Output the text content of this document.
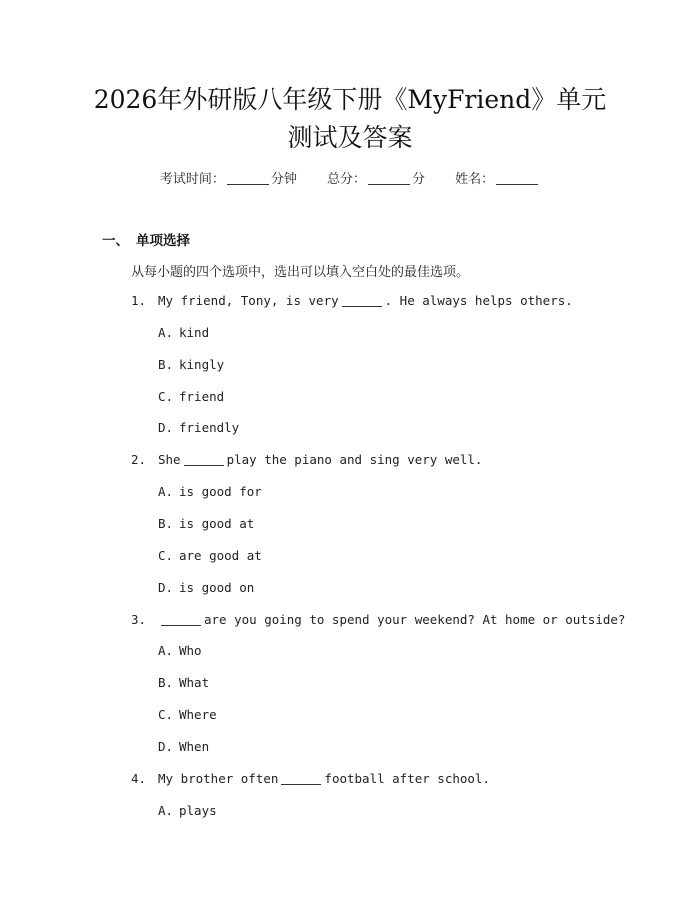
2026年外研版八年级下册《MyFriend》单元
测试及答案
考试时间：	分钟 总分：	分 姓名：
一、 单项选择
从每小题的四个选项中，选出可以填入空白处的最佳选项。
1. My friend, Tony, is very	. He always helps others.
A. kind
B. kingly
C. friend
D. friendly
2. She	play the piano and sing very well.
A. is good for
B. is good at
C. are good at
D. is good on
3.	are you going to spend your weekend? At home or outside?
A. Who
B. What
C. Where
D. When
4. My brother often	football after school.
A. plays
